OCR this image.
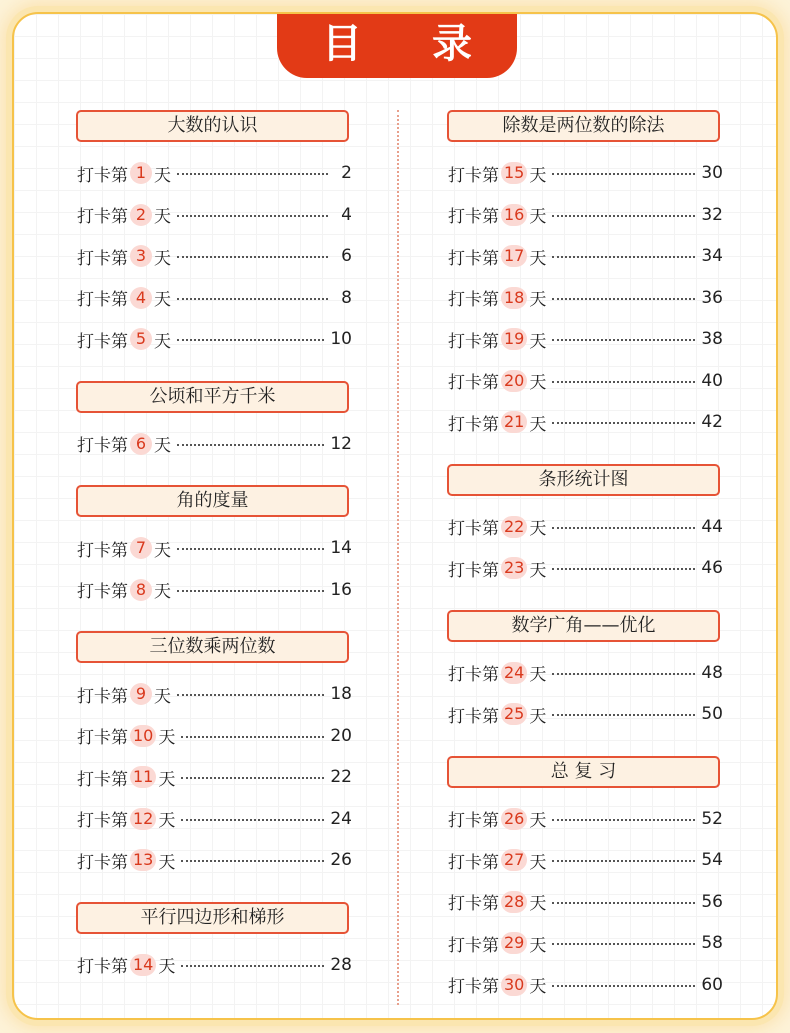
目 录
大数的认识
打卡第 1 天	2
打卡第 2 天	4
打卡第 3 天	6
打卡第 4 天	8
打卡第 5 天	10
公顷和平方千米
打卡第 6 天	12
角的度量
打卡第 7 天	14
打卡第 8 天	16
三位数乘两位数
打卡第 9 天	18
打卡第 10 天	20
打卡第 11 天	22
打卡第 12 天	24
打卡第 13 天	26
平行四边形和梯形
打卡第 14 天	28
除数是两位数的除法
打卡第 15 天	30
打卡第 16 天	32
打卡第 17 天	34
打卡第 18 天	36
打卡第 19 天	38
打卡第 20 天	40
打卡第 21 天	42
条形统计图
打卡第 22 天	44
打卡第 23 天	46
数学广角——优化
打卡第 24 天	48
打卡第 25 天	50
总 复 习
打卡第 26 天	52
打卡第 27 天	54
打卡第 28 天	56
打卡第 29 天	58
打卡第 30 天	60
